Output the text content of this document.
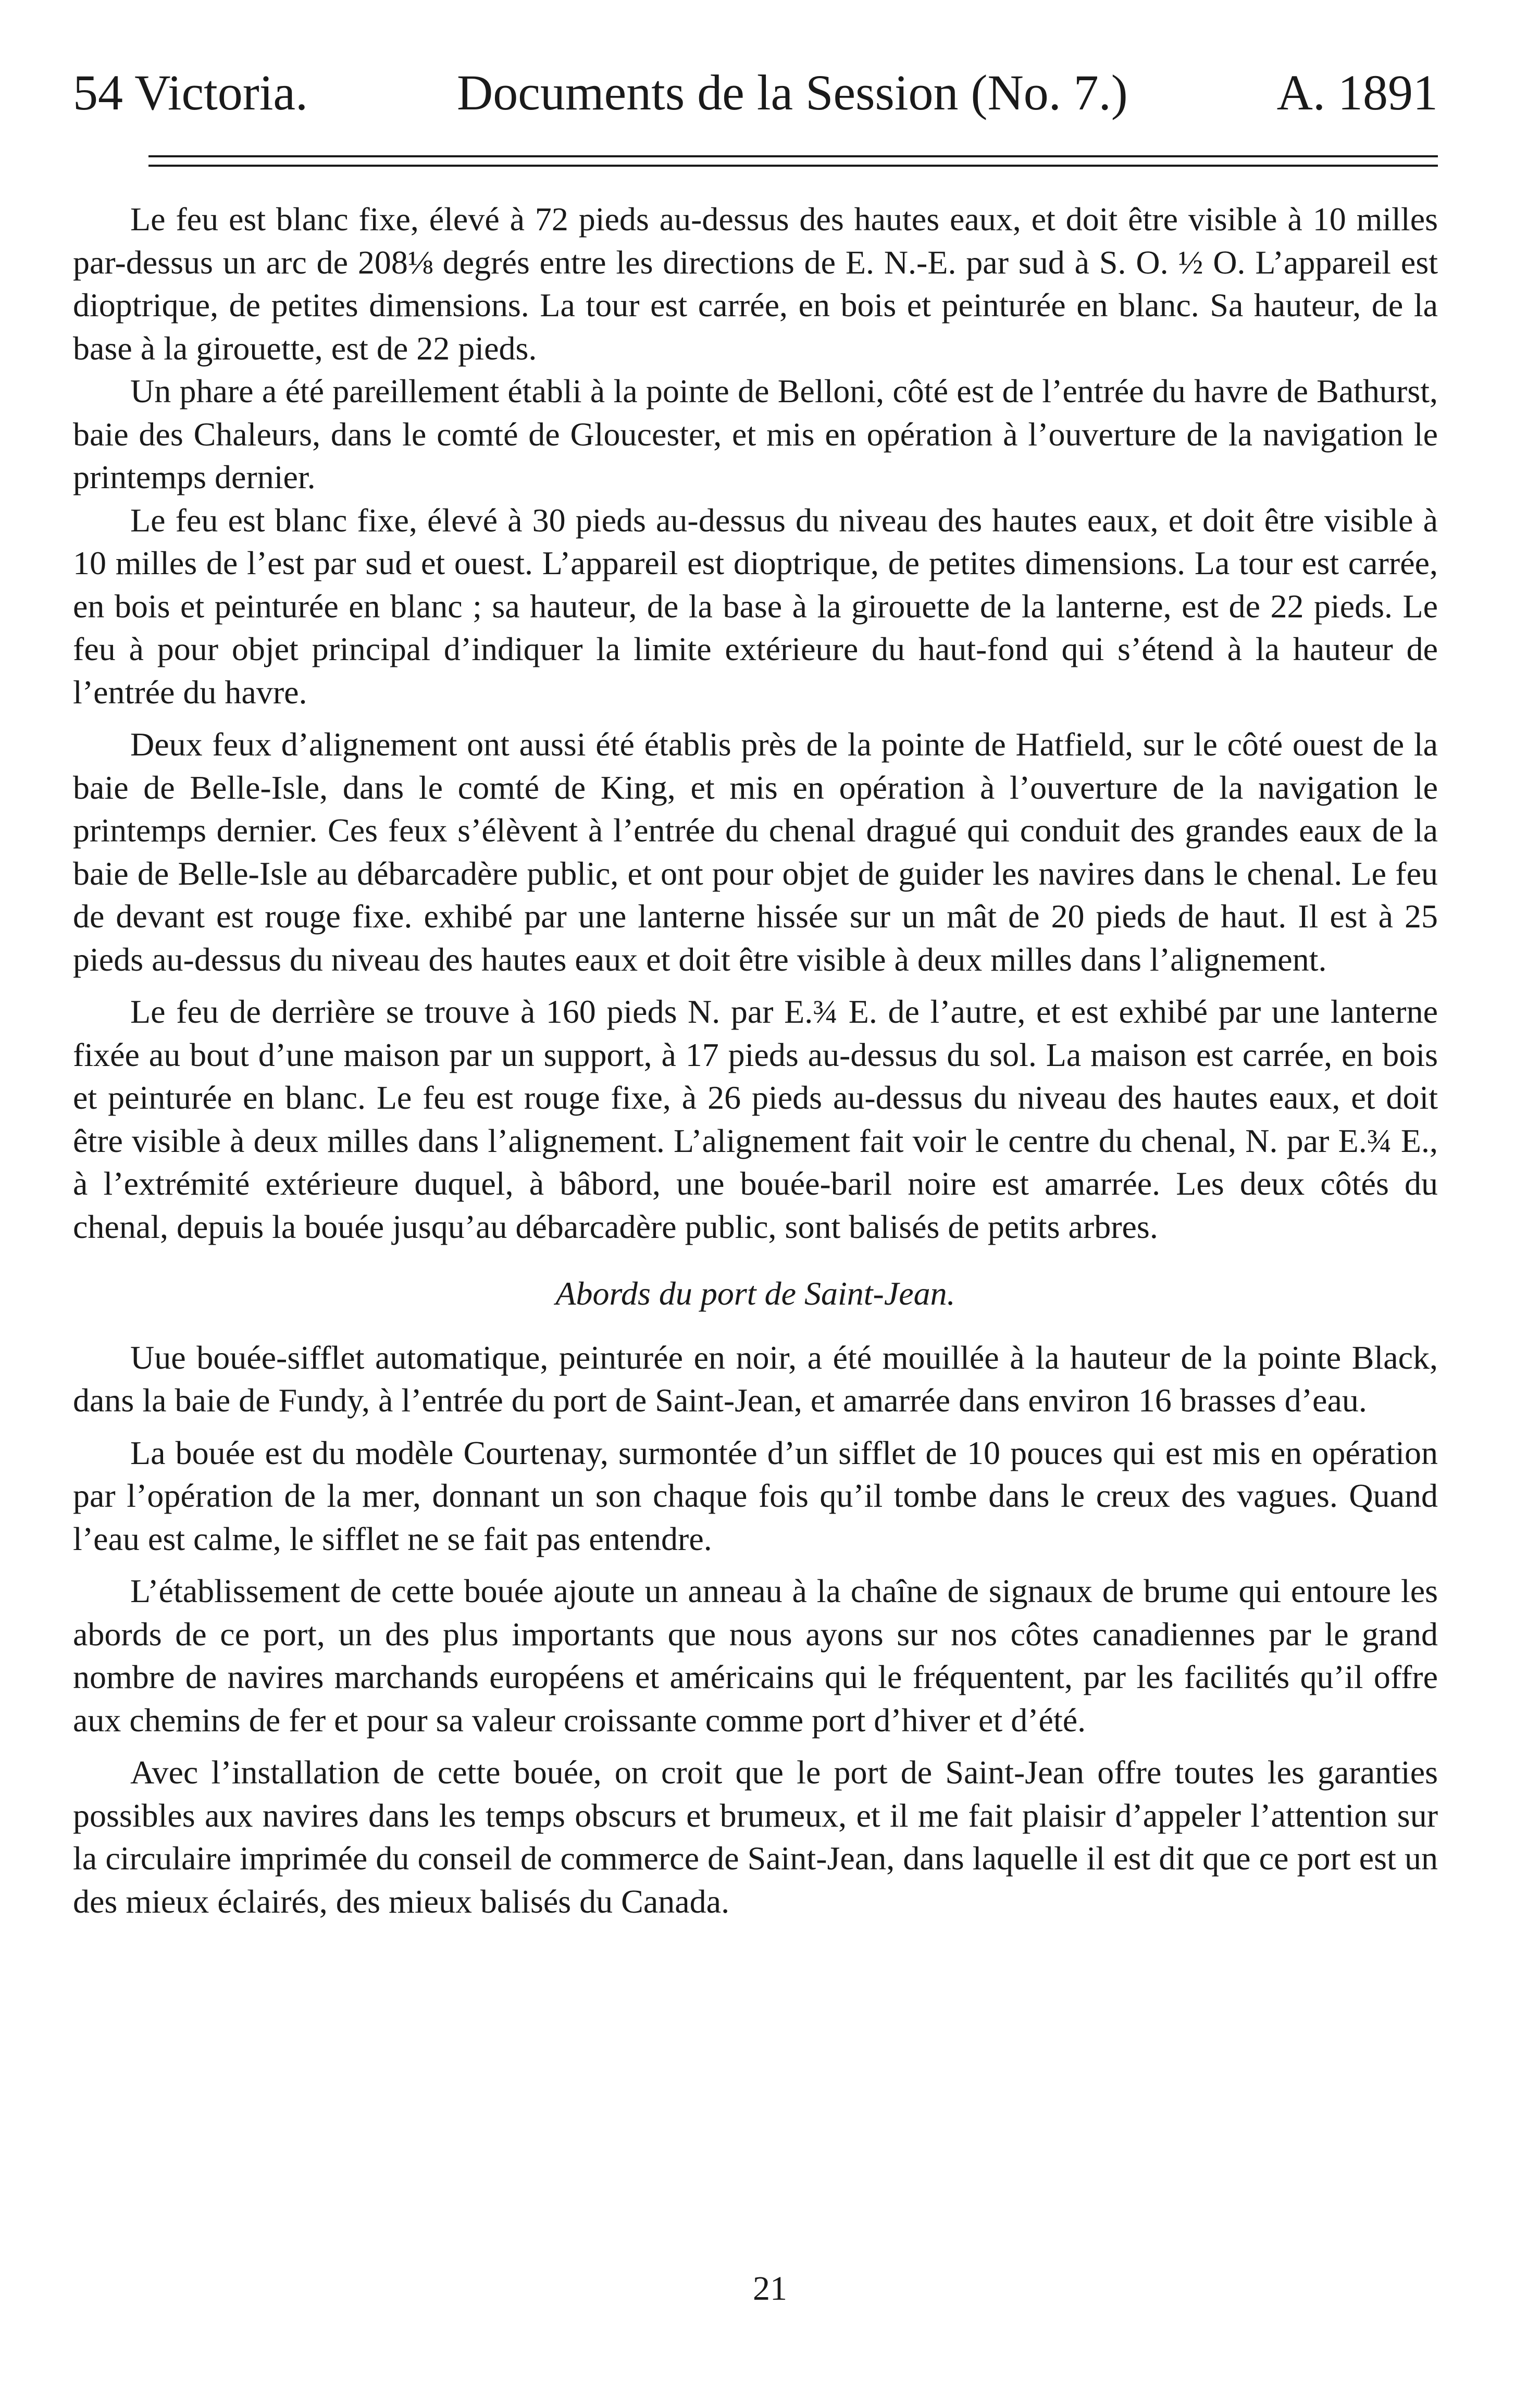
54 Victoria.	Documents de la Session (No. 7.)	A. 1891

Le feu est blanc fixe, élevé à 72 pieds au-dessus des hautes eaux, et doit être visible à 10 milles par-dessus un arc de 208⅛ degrés entre les directions de E. N.-E. par sud à S. O. ½ O. L’appareil est dioptrique, de petites dimensions. La tour est carrée, en bois et peinturée en blanc. Sa hauteur, de la base à la girouette, est de 22 pieds.

Un phare a été pareillement établi à la pointe de Belloni, côté est de l’entrée du havre de Bathurst, baie des Chaleurs, dans le comté de Gloucester, et mis en opération à l’ouverture de la navigation le printemps dernier.

Le feu est blanc fixe, élevé à 30 pieds au-dessus du niveau des hautes eaux, et doit être visible à 10 milles de l’est par sud et ouest. L’appareil est dioptrique, de petites dimensions. La tour est carrée, en bois et peinturée en blanc ; sa hauteur, de la base à la girouette de la lanterne, est de 22 pieds. Le feu à pour objet principal d’indiquer la limite extérieure du haut-fond qui s’étend à la hauteur de l’entrée du havre.

Deux feux d’alignement ont aussi été établis près de la pointe de Hatfield, sur le côté ouest de la baie de Belle-Isle, dans le comté de King, et mis en opération à l’ouverture de la navigation le printemps dernier. Ces feux s’élèvent à l’entrée du chenal dragué qui conduit des grandes eaux de la baie de Belle-Isle au débarcadère public, et ont pour objet de guider les navires dans le chenal. Le feu de devant est rouge fixe. exhibé par une lanterne hissée sur un mât de 20 pieds de haut. Il est à 25 pieds au-dessus du niveau des hautes eaux et doit être visible à deux milles dans l’alignement.

Le feu de derrière se trouve à 160 pieds N. par E.¾ E. de l’autre, et est exhibé par une lanterne fixée au bout d’une maison par un support, à 17 pieds au-dessus du sol. La maison est carrée, en bois et peinturée en blanc. Le feu est rouge fixe, à 26 pieds au-dessus du niveau des hautes eaux, et doit être visible à deux milles dans l’alignement. L’alignement fait voir le centre du chenal, N. par E.¾ E., à l’extrémité extérieure duquel, à bâbord, une bouée-baril noire est amarrée. Les deux côtés du chenal, depuis la bouée jusqu’au débarcadère public, sont balisés de petits arbres.

Abords du port de Saint-Jean.

Uue bouée-sifflet automatique, peinturée en noir, a été mouillée à la hauteur de la pointe Black, dans la baie de Fundy, à l’entrée du port de Saint-Jean, et amarrée dans environ 16 brasses d’eau.

La bouée est du modèle Courtenay, surmontée d’un sifflet de 10 pouces qui est mis en opération par l’opération de la mer, donnant un son chaque fois qu’il tombe dans le creux des vagues. Quand l’eau est calme, le sifflet ne se fait pas entendre.

L’établissement de cette bouée ajoute un anneau à la chaîne de signaux de brume qui entoure les abords de ce port, un des plus importants que nous ayons sur nos côtes canadiennes par le grand nombre de navires marchands européens et américains qui le fréquentent, par les facilités qu’il offre aux chemins de fer et pour sa valeur croissante comme port d’hiver et d’été.

Avec l’installation de cette bouée, on croit que le port de Saint-Jean offre toutes les garanties possibles aux navires dans les temps obscurs et brumeux, et il me fait plaisir d’appeler l’attention sur la circulaire imprimée du conseil de commerce de Saint-Jean, dans laquelle il est dit que ce port est un des mieux éclairés, des mieux balisés du Canada.

21
